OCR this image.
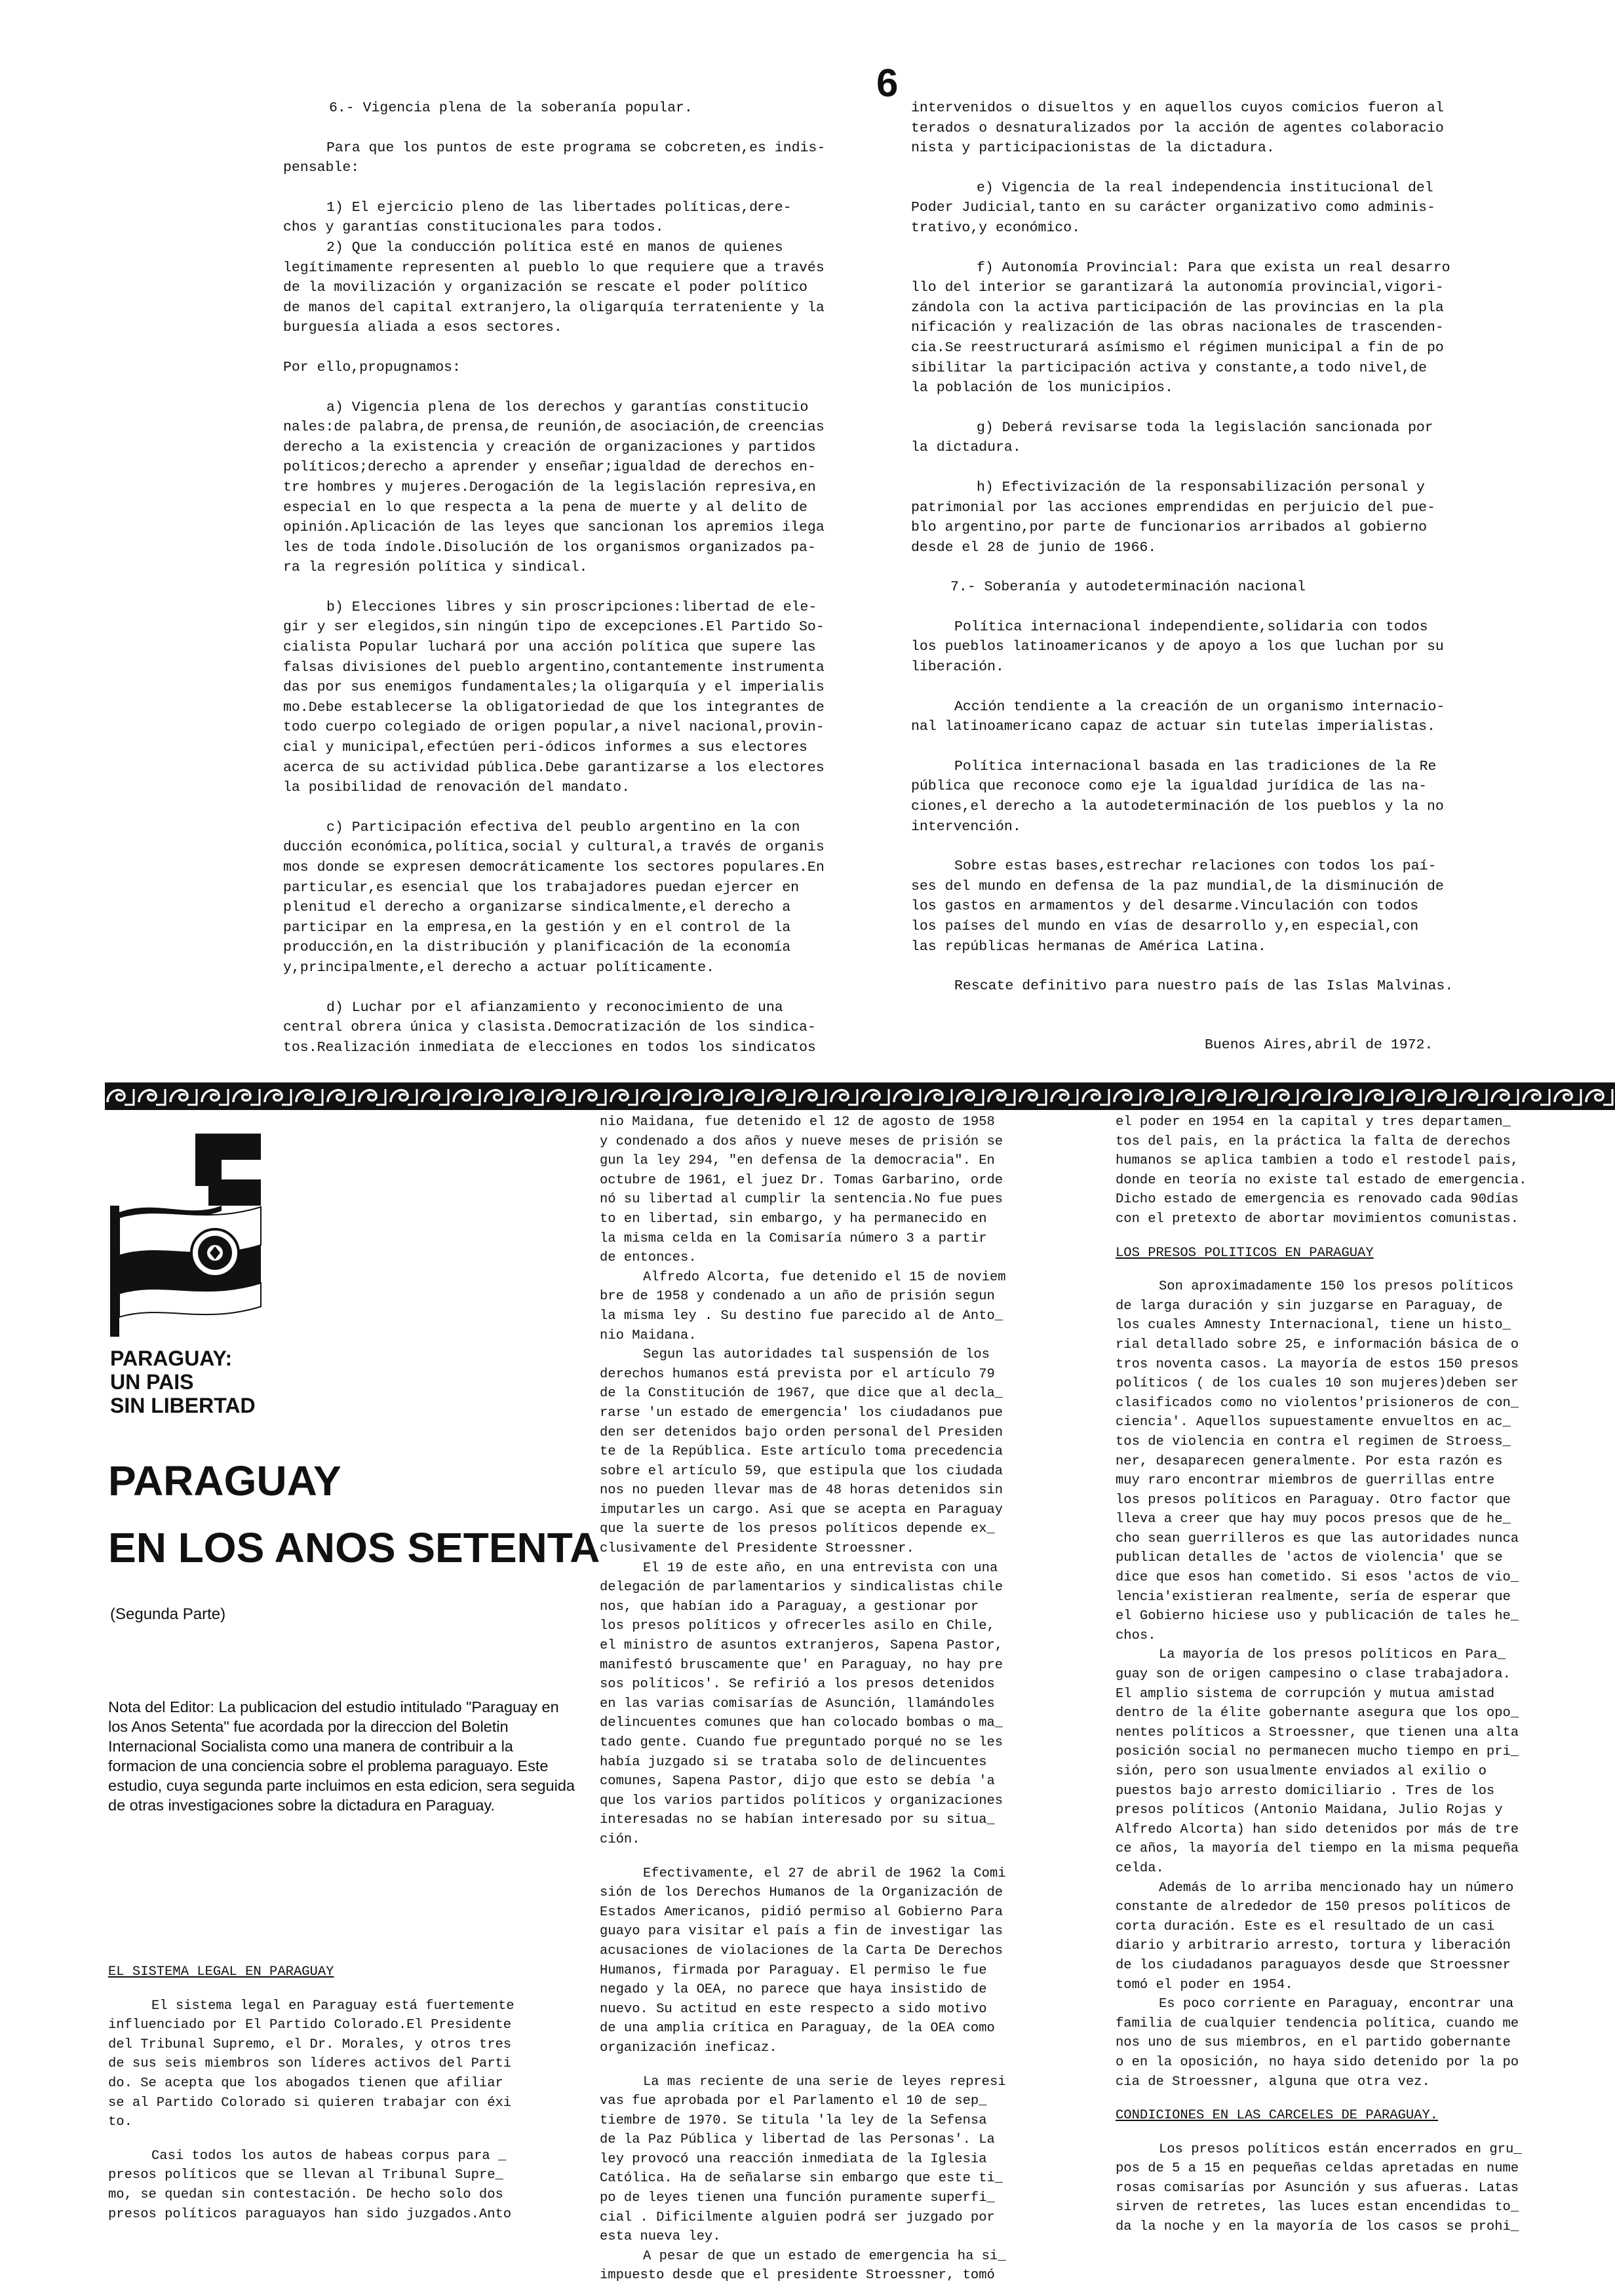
6

6.- Vigencia plena de la soberanía popular.

Para que los puntos de este programa se cobcreten,es indis-
pensable:

1) El ejercicio pleno de las libertades políticas,dere-
chos y garantías constitucionales para todos.

2) Que la conducción política esté en manos de quienes
legítimamente representen al pueblo lo que requiere que a través
de la movilización y organización se rescate el poder político
de manos del capital extranjero,la oligarquía terrateniente y la
burguesía aliada a esos sectores.

Por ello,propugnamos:

a) Vigencia plena de los derechos y garantías constitucio
nales:de palabra,de prensa,de reunión,de asociación,de creencias
derecho a la existencia y creación de organizaciones y partidos
políticos;derecho a aprender y enseñar;igualdad de derechos en-
tre hombres y mujeres.Derogación de la legislación represiva,en
especial en lo que respecta a la pena de muerte y al delito de
opinión.Aplicación de las leyes que sancionan los apremios ilega
les de toda índole.Disolución de los organismos organizados pa-
ra la regresión política y sindical.

b) Elecciones libres y sin proscripciones:libertad de ele-
gir y ser elegidos,sin ningún tipo de excepciones.El Partido So-
cialista Popular luchará por una acción política que supere las
falsas divisiones del pueblo argentino,contantemente instrumenta
das por sus enemigos fundamentales;la oligarquía y el imperialis
mo.Debe establecerse la obligatoriedad de que los integrantes de
todo cuerpo colegiado de origen popular,a nivel nacional,provin-
cial y municipal,efectúen peri-ódicos informes a sus electores
acerca de su actividad pública.Debe garantizarse a los electores
la posibilidad de renovación del mandato.

c) Participación efectiva del peublo argentino en la con
ducción económica,política,social y cultural,a través de organis
mos donde se expresen democráticamente los sectores populares.En
particular,es esencial que los trabajadores puedan ejercer en
plenitud el derecho a organizarse sindicalmente,el derecho a
participar en la empresa,en la gestión y en el control de la
producción,en la distribución y planificación de la economía
y,principalmente,el derecho a actuar políticamente.

d) Luchar por el afianzamiento y reconocimiento de una
central obrera única y clasista.Democratización de los sindica-
tos.Realización inmediata de elecciones en todos los sindicatos

intervenidos o disueltos y en aquellos cuyos comicios fueron al
terados o desnaturalizados por la acción de agentes colaboracio
nista y participacionistas de la dictadura.

e) Vigencia de la real independencia institucional del
Poder Judicial,tanto en su carácter organizativo como adminis-
trativo,y económico.

f) Autonomía Provincial: Para que exista un real desarro
llo del interior se garantizará la autonomía provincial,vigori-
zándola con la activa participación de las provincias en la pla
nificación y realización de las obras nacionales de trascenden-
cia.Se reestructurará asímismo el régimen municipal a fin de po
sibilitar la participación activa y constante,a todo nivel,de
la población de los municipios.

g) Deberá revisarse toda la legislación sancionada por
la dictadura.

h) Efectivización de la responsabilización personal y
patrimonial por las acciones emprendidas en perjuicio del pue-
blo argentino,por parte de funcionarios arribados al gobierno
desde el 28 de junio de 1966.

7.- Soberanía y autodeterminación nacional

Política internacional independiente,solidaria con todos
los pueblos latinoamericanos y de apoyo a los que luchan por su
liberación.

Acción tendiente a la creación de un organismo internacio-
nal latinoamericano capaz de actuar sin tutelas imperialistas.

Política internacional basada en las tradiciones de la Re
pública que reconoce como eje la igualdad jurídica de las na-
ciones,el derecho a la autodeterminación de los pueblos y la no
intervención.

Sobre estas bases,estrechar relaciones con todos los paí-
ses del mundo en defensa de la paz mundial,de la disminución de
los gastos en armamentos y del desarme.Vinculación con todos
los países del mundo en vías de desarrollo y,en especial,con
las repúblicas hermanas de América Latina.

Rescate definitivo para nuestro país de las Islas Malvinas.

Buenos Aires,abril de 1972.
PARAGUAY:
UN PAIS
SIN LIBERTAD
PARAGUAY
EN LOS ANOS SETENTA
(Segunda Parte)
Nota del Editor: La publicacion del estudio intitulado "Paraguay en los Anos Setenta" fue acordada por la direccion del Boletin Internacional Socialista como una manera de contribuir a la formacion de una conciencia sobre el problema paraguayo. Este estudio, cuya segunda parte incluimos en esta edicion, sera seguida de otras investigaciones sobre la dictadura en Paraguay.

EL SISTEMA LEGAL EN PARAGUAY

El sistema legal en Paraguay está fuertemente
influenciado por El Partido Colorado.El Presidente
del Tribunal Supremo, el Dr. Morales, y otros tres
de sus seis miembros son líderes activos del Parti
do. Se acepta que los abogados tienen que afiliar
se al Partido Colorado si quieren trabajar con éxi
to.

Casi todos los autos de habeas corpus para _
presos políticos que se llevan al Tribunal Supre_
mo, se quedan sin contestación. De hecho solo dos
presos políticos paraguayos han sido juzgados.Anto

nio Maidana, fue detenido el 12 de agosto de 1958
y condenado a dos años y nueve meses de prisión se
gun la ley 294, "en defensa de la democracia". En
octubre de 1961, el juez Dr. Tomas Garbarino, orde
nó su libertad al cumplir la sentencia.No fue pues
to en libertad, sin embargo, y ha permanecido en
la misma celda en la Comisaría número 3 a partir
de entonces.

Alfredo Alcorta, fue detenido el 15 de noviem
bre de 1958 y condenado a un año de prisión segun
la misma ley . Su destino fue parecido al de Anto_
nio Maidana.

Segun las autoridades tal suspensión de los
derechos humanos está prevista por el artículo 79
de la Constitución de 1967, que dice que al decla_
rarse 'un estado de emergencia' los ciudadanos pue
den ser detenidos bajo orden personal del Presiden
te de la República. Este artículo toma precedencia
sobre el artículo 59, que estipula que los ciudada
nos no pueden llevar mas de 48 horas detenidos sin
imputarles un cargo. Asi que se acepta en Paraguay
que la suerte de los presos políticos depende ex_
clusivamente del Presidente Stroessner.

El 19 de este año, en una entrevista con una
delegación de parlamentarios y sindicalistas chile
nos, que habían ido a Paraguay, a gestionar por
los presos políticos y ofrecerles asilo en Chile,
el ministro de asuntos extranjeros, Sapena Pastor,
manifestó bruscamente que' en Paraguay, no hay pre
sos políticos'. Se refirió a los presos detenidos
en las varias comisarías de Asunción, llamándoles
delincuentes comunes que han colocado bombas o ma_
tado gente. Cuando fue preguntado porqué no se les
había juzgado si se trataba solo de delincuentes
comunes, Sapena Pastor, dijo que esto se debía 'a
que los varios partidos políticos y organizaciones
interesadas no se habían interesado por su situa_
ción.

Efectivamente, el 27 de abril de 1962 la Comi
sión de los Derechos Humanos de la Organización de
Estados Americanos, pidió permiso al Gobierno Para
guayo para visitar el país a fin de investigar las
acusaciones de violaciones de la Carta De Derechos
Humanos, firmada por Paraguay. El permiso le fue
negado y la OEA, no parece que haya insistido de
nuevo. Su actitud en este respecto a sido motivo
de una amplia crítica en Paraguay, de la OEA como
organización ineficaz.

La mas reciente de una serie de leyes represi
vas fue aprobada por el Parlamento el 10 de sep_
tiembre de 1970. Se titula 'la ley de la Sefensa
de la Paz Pública y libertad de las Personas'. La
ley provocó una reacción inmediata de la Iglesia
Católica. Ha de señalarse sin embargo que este ti_
po de leyes tienen una función puramente superfi_
cial . Dificilmente alguien podrá ser juzgado por
esta nueva ley.

A pesar de que un estado de emergencia ha si_
impuesto desde que el presidente Stroessner, tomó

el poder en 1954 en la capital y tres departamen_
tos del pais, en la práctica la falta de derechos
humanos se aplica tambien a todo el restodel pais,
donde en teoría no existe tal estado de emergencia.
Dicho estado de emergencia es renovado cada 90días
con el pretexto de abortar movimientos comunistas.

LOS PRESOS POLITICOS EN PARAGUAY

Son aproximadamente 150 los presos políticos
de larga duración y sin juzgarse en Paraguay, de
los cuales Amnesty Internacional, tiene un histo_
rial detallado sobre 25, e información básica de o
tros noventa casos. La mayoría de estos 150 presos
políticos ( de los cuales 10 son mujeres)deben ser
clasificados como no violentos'prisioneros de con_
ciencia'. Aquellos supuestamente envueltos en ac_
tos de violencia en contra el regimen de Stroess_
ner, desaparecen generalmente. Por esta razón es
muy raro encontrar miembros de guerrillas entre
los presos políticos en Paraguay. Otro factor que
lleva a creer que hay muy pocos presos que de he_
cho sean guerrilleros es que las autoridades nunca
publican detalles de 'actos de violencia' que se
dice que esos han cometido. Si esos 'actos de vio_
lencia'existieran realmente, sería de esperar que
el Gobierno hiciese uso y publicación de tales he_
chos.

La mayoría de los presos políticos en Para_
guay son de origen campesino o clase trabajadora.
El amplio sistema de corrupción y mutua amistad
dentro de la élite gobernante asegura que los opo_
nentes políticos a Stroessner, que tienen una alta
posición social no permanecen mucho tiempo en pri_
sión, pero son usualmente enviados al exilio o
puestos bajo arresto domiciliario . Tres de los
presos políticos (Antonio Maidana, Julio Rojas y
Alfredo Alcorta) han sido detenidos por más de tre
ce años, la mayoría del tiempo en la misma pequeña
celda.

Además de lo arriba mencionado hay un número
constante de alrededor de 150 presos políticos de
corta duración. Este es el resultado de un casi
diario y arbitrario arresto, tortura y liberación
de los ciudadanos paraguayos desde que Stroessner
tomó el poder en 1954.

Es poco corriente en Paraguay, encontrar una
familia de cualquier tendencia política, cuando me
nos uno de sus miembros, en el partido gobernante
o en la oposición, no haya sido detenido por la po
cia de Stroessner, alguna que otra vez.

CONDICIONES EN LAS CARCELES DE PARAGUAY.

Los presos políticos están encerrados en gru_
pos de 5 a 15 en pequeñas celdas apretadas en nume
rosas comisarías por Asunción y sus afueras. Latas
sirven de retretes, las luces estan encendidas to_
da la noche y en la mayoría de los casos se prohi_
